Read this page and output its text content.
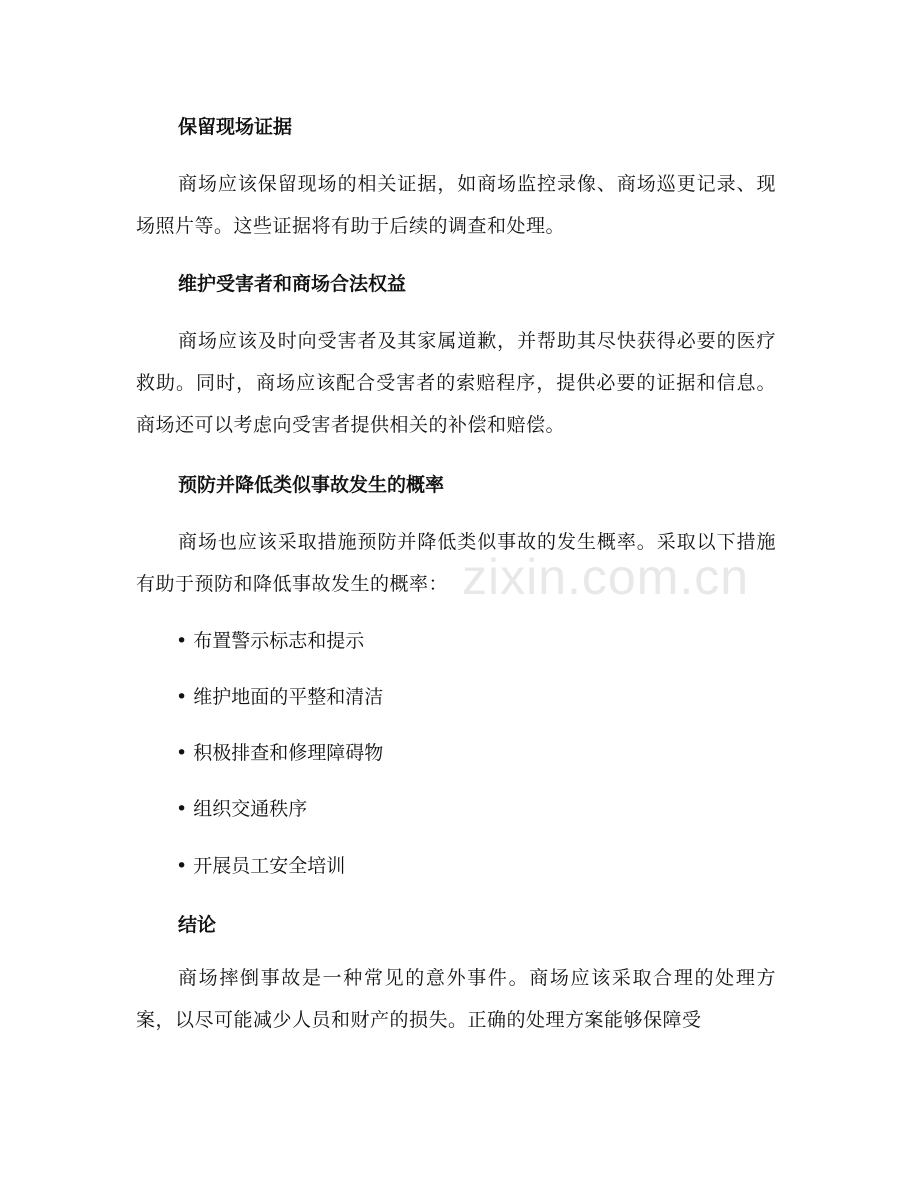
保留现场证据

商场应该保留现场的相关证据，如商场监控录像、商场巡更记录、现场照片等。这些证据将有助于后续的调查和处理。

维护受害者和商场合法权益

商场应该及时向受害者及其家属道歉，并帮助其尽快获得必要的医疗救助。同时，商场应该配合受害者的索赔程序，提供必要的证据和信息。商场还可以考虑向受害者提供相关的补偿和赔偿。

预防并降低类似事故发生的概率

商场也应该采取措施预防并降低类似事故的发生概率。采取以下措施有助于预防和降低事故发生的概率： zixin.com.cn
• 布置警示标志和提示
• 维护地面的平整和清洁
• 积极排查和修理障碍物
• 组织交通秩序
• 开展员工安全培训
结论

商场摔倒事故是一种常见的意外事件。商场应该采取合理的处理方案，以尽可能减少人员和财产的损失。正确的处理方案能够保障受
